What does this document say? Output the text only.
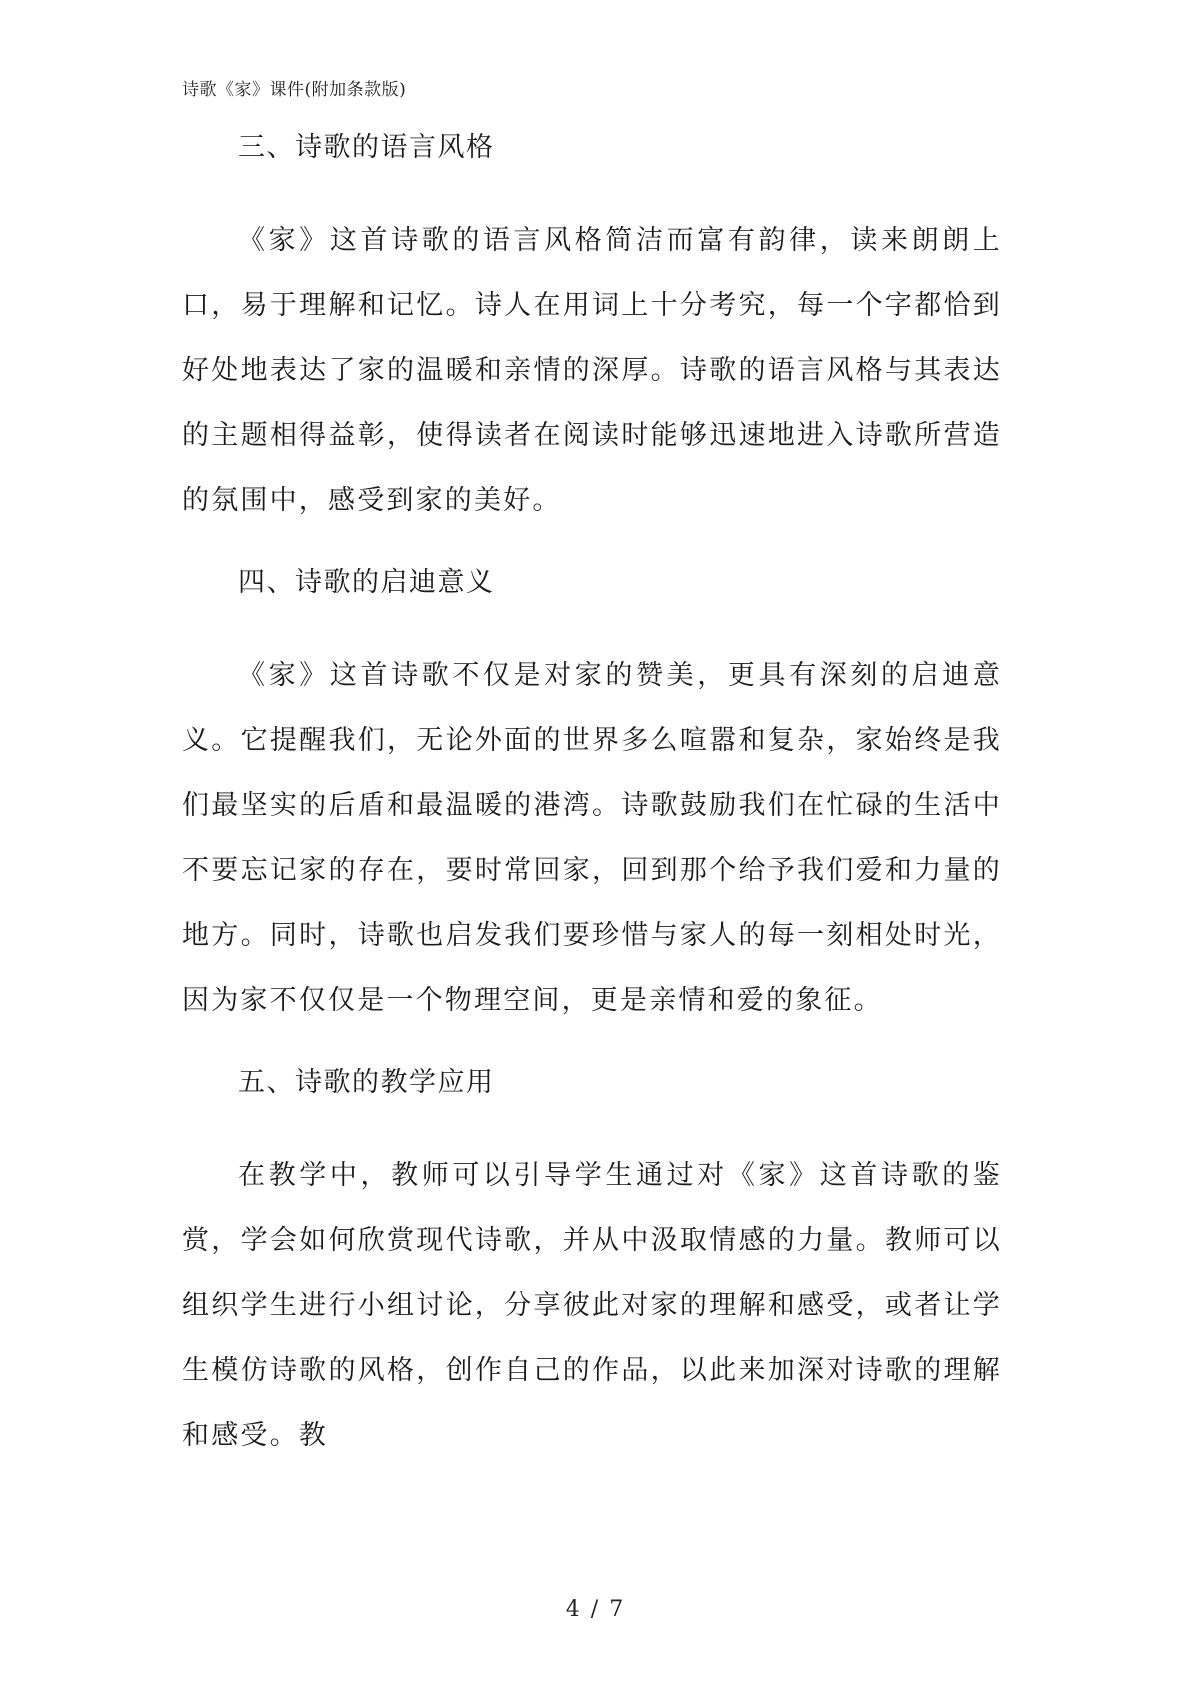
诗歌《家》课件(附加条款版)
三、诗歌的语言风格

《家》这首诗歌的语言风格简洁而富有韵律，读来朗朗上口，易于理解和记忆。诗人在用词上十分考究，每一个字都恰到好处地表达了家的温暖和亲情的深厚。诗歌的语言风格与其表达的主题相得益彰，使得读者在阅读时能够迅速地进入诗歌所营造的氛围中，感受到家的美好。

四、诗歌的启迪意义

《家》这首诗歌不仅是对家的赞美，更具有深刻的启迪意义。它提醒我们，无论外面的世界多么喧嚣和复杂，家始终是我们最坚实的后盾和最温暖的港湾。诗歌鼓励我们在忙碌的生活中不要忘记家的存在，要时常回家，回到那个给予我们爱和力量的地方。同时，诗歌也启发我们要珍惜与家人的每一刻相处时光，因为家不仅仅是一个物理空间，更是亲情和爱的象征。

五、诗歌的教学应用

在教学中，教师可以引导学生通过对《家》这首诗歌的鉴赏，学会如何欣赏现代诗歌，并从中汲取情感的力量。教师可以组织学生进行小组讨论，分享彼此对家的理解和感受，或者让学生模仿诗歌的风格，创作自己的作品，以此来加深对诗歌的理解和感受。教

4 / 7
